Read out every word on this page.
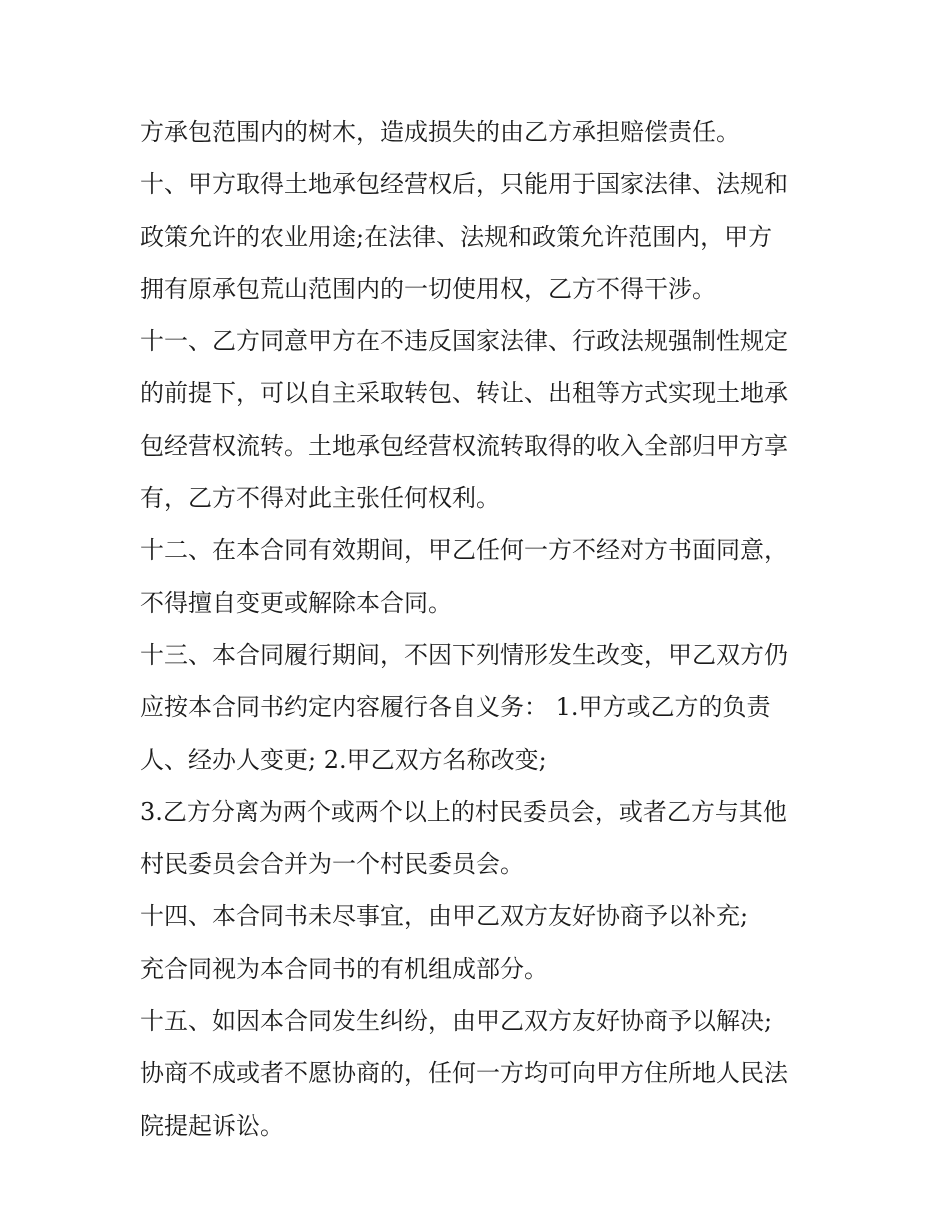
方承包范围内的树木，造成损失的由乙方承担赔偿责任。
十、甲方取得土地承包经营权后，只能用于国家法律、法规和
政策允许的农业用途;在法律、法规和政策允许范围内，甲方
拥有原承包荒山范围内的一切使用权，乙方不得干涉。
十一、乙方同意甲方在不违反国家法律、行政法规强制性规定
的前提下，可以自主采取转包、转让、出租等方式实现土地承
包经营权流转。土地承包经营权流转取得的收入全部归甲方享
有，乙方不得对此主张任何权利。
十二、在本合同有效期间，甲乙任何一方不经对方书面同意，
不得擅自变更或解除本合同。
十三、本合同履行期间，不因下列情形发生改变，甲乙双方仍
应按本合同书约定内容履行各自义务： 1.甲方或乙方的负责
人、经办人变更; 2.甲乙双方名称改变;
3.乙方分离为两个或两个以上的村民委员会，或者乙方与其他
村民委员会合并为一个村民委员会。
十四、本合同书未尽事宜，由甲乙双方友好协商予以补充;
充合同视为本合同书的有机组成部分。
十五、如因本合同发生纠纷，由甲乙双方友好协商予以解决;
协商不成或者不愿协商的，任何一方均可向甲方住所地人民法
院提起诉讼。
